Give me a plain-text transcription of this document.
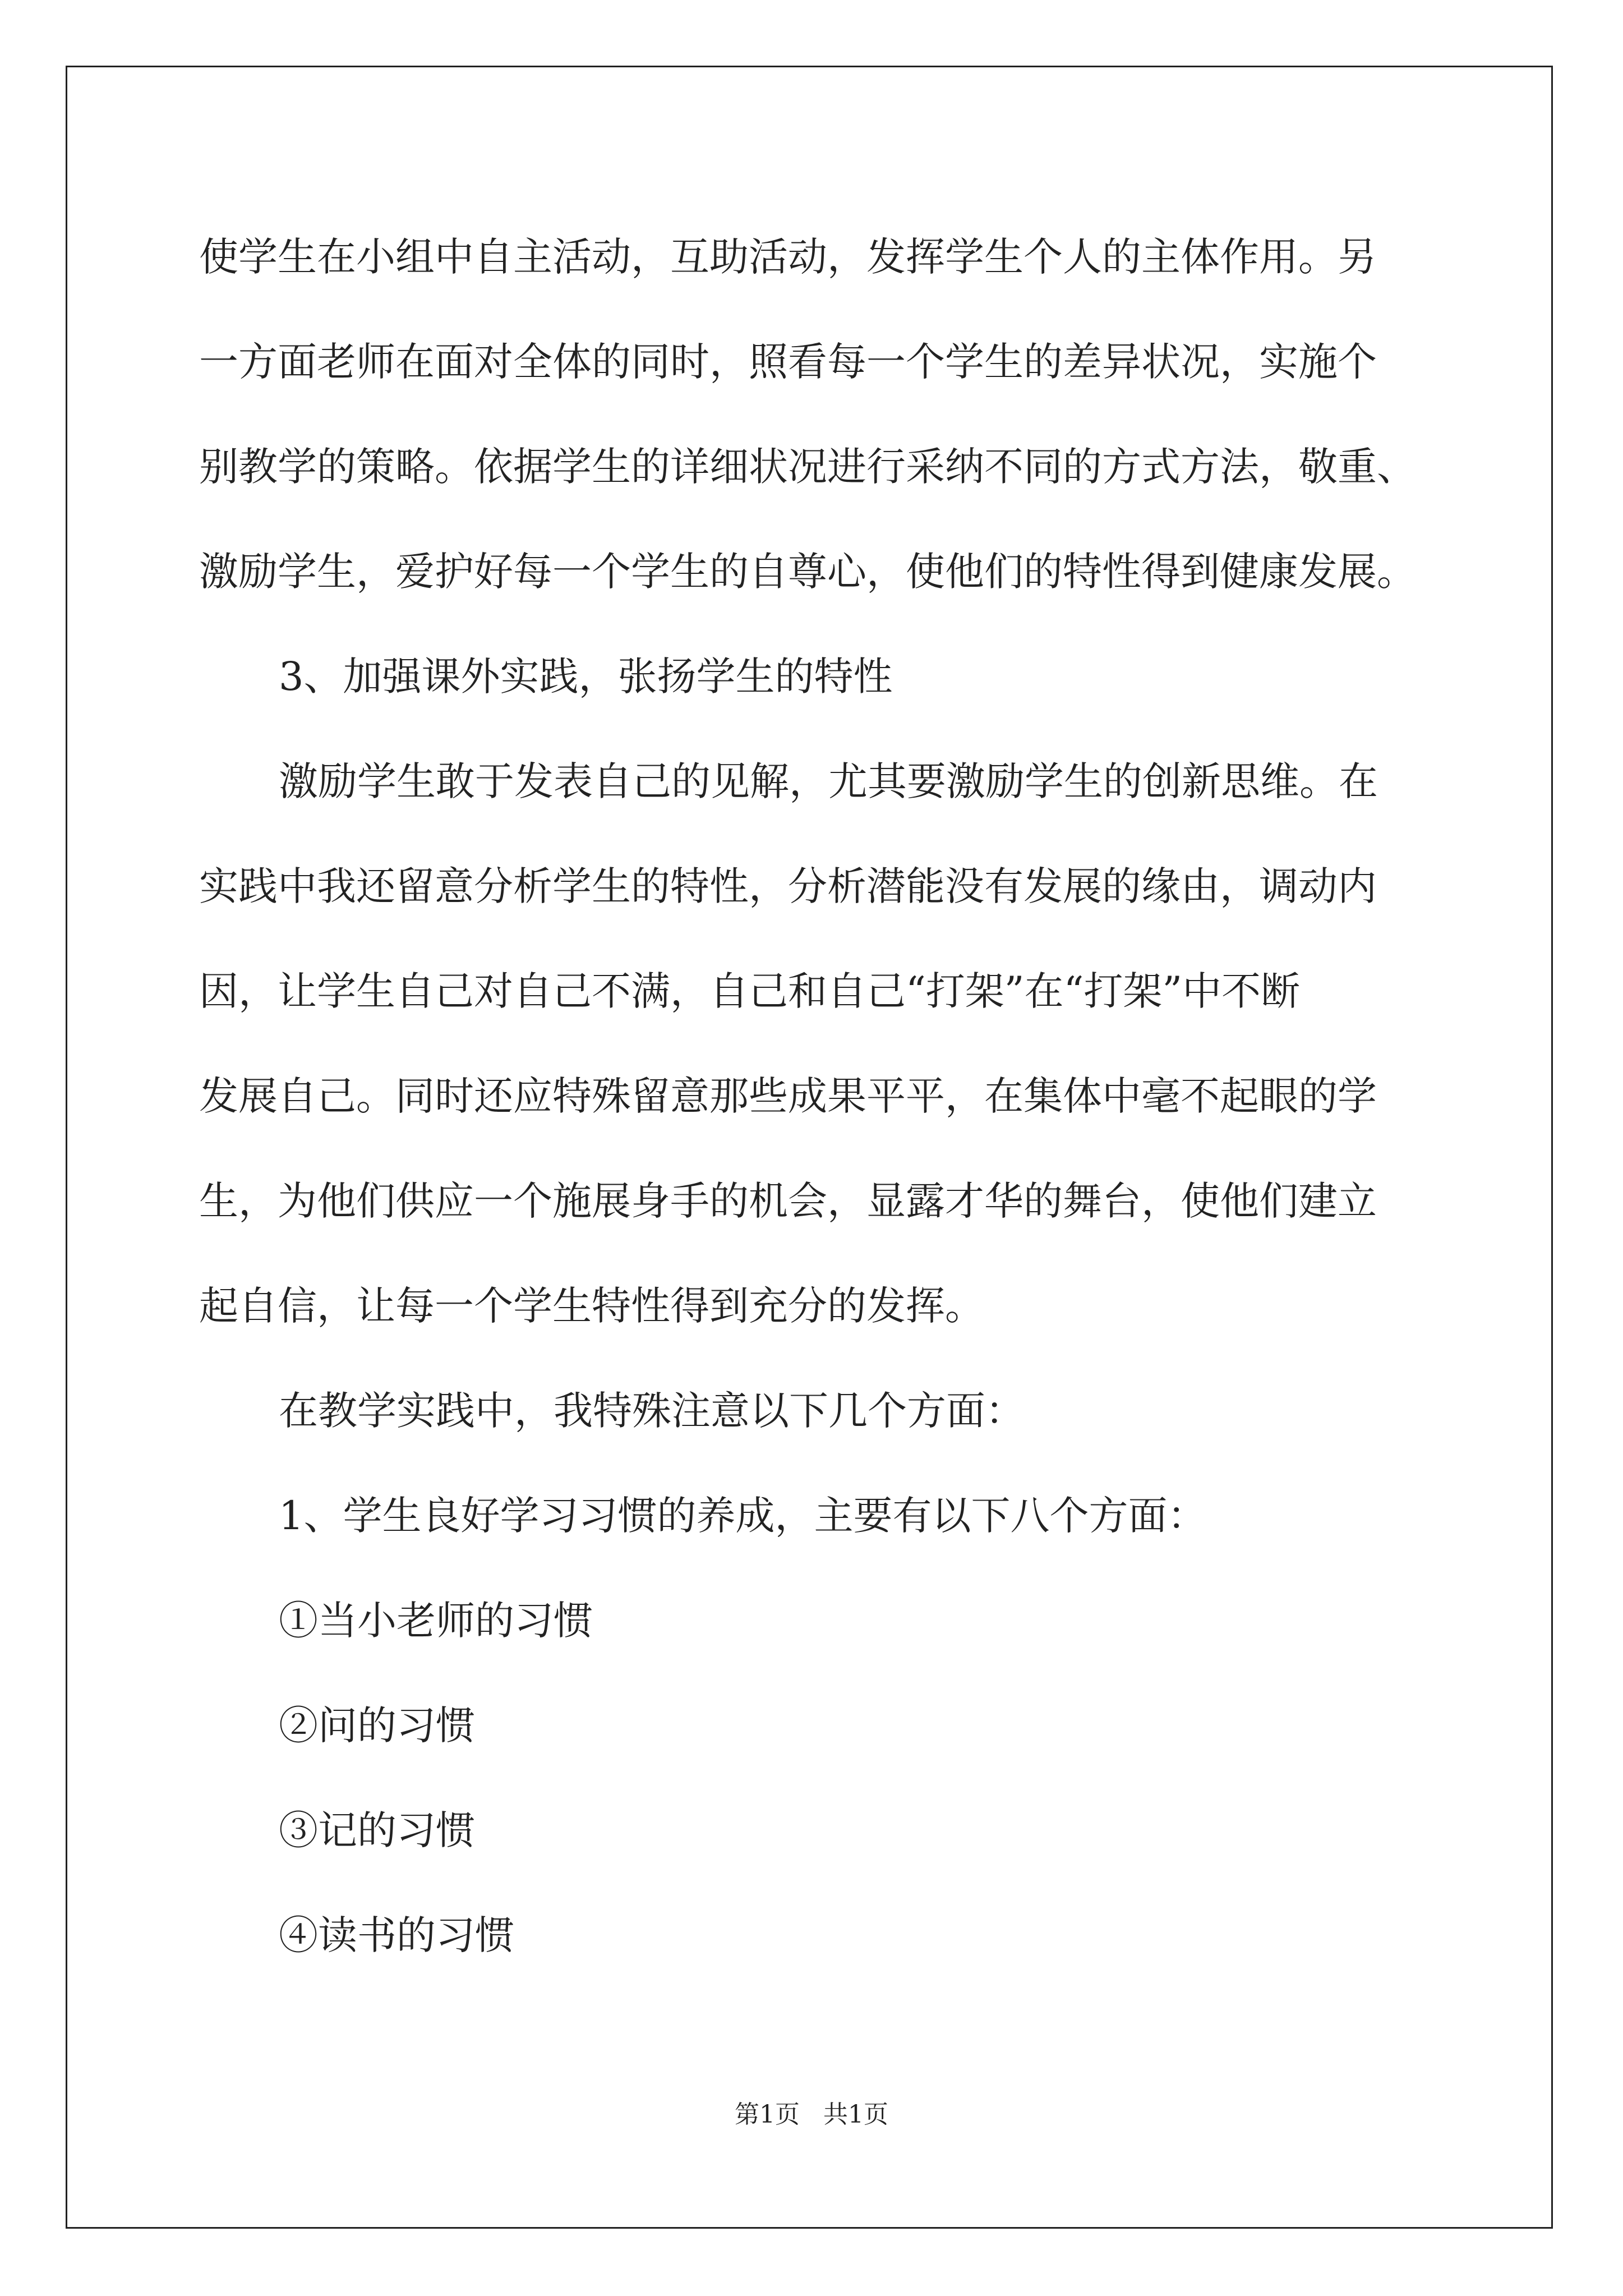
使学生在小组中自主活动，互助活动，发挥学生个人的主体作用。另

一方面老师在面对全体的同时，照看每一个学生的差异状况，实施个

别教学的策略。依据学生的详细状况进行采纳不同的方式方法，敬重、

激励学生，爱护好每一个学生的自尊心，使他们的特性得到健康发展。

3、加强课外实践，张扬学生的特性

激励学生敢于发表自己的见解，尤其要激励学生的创新思维。在

实践中我还留意分析学生的特性，分析潜能没有发展的缘由，调动内

因，让学生自己对自己不满，自己和自己“打架”在“打架”中不断

发展自己。同时还应特殊留意那些成果平平，在集体中毫不起眼的学

生，为他们供应一个施展身手的机会，显露才华的舞台，使他们建立

起自信，让每一个学生特性得到充分的发挥。

在教学实践中，我特殊注意以下几个方面：

1、学生良好学习习惯的养成，主要有以下八个方面：

①当小老师的习惯

②问的习惯

③记的习惯

④读书的习惯

第1页   共1页
